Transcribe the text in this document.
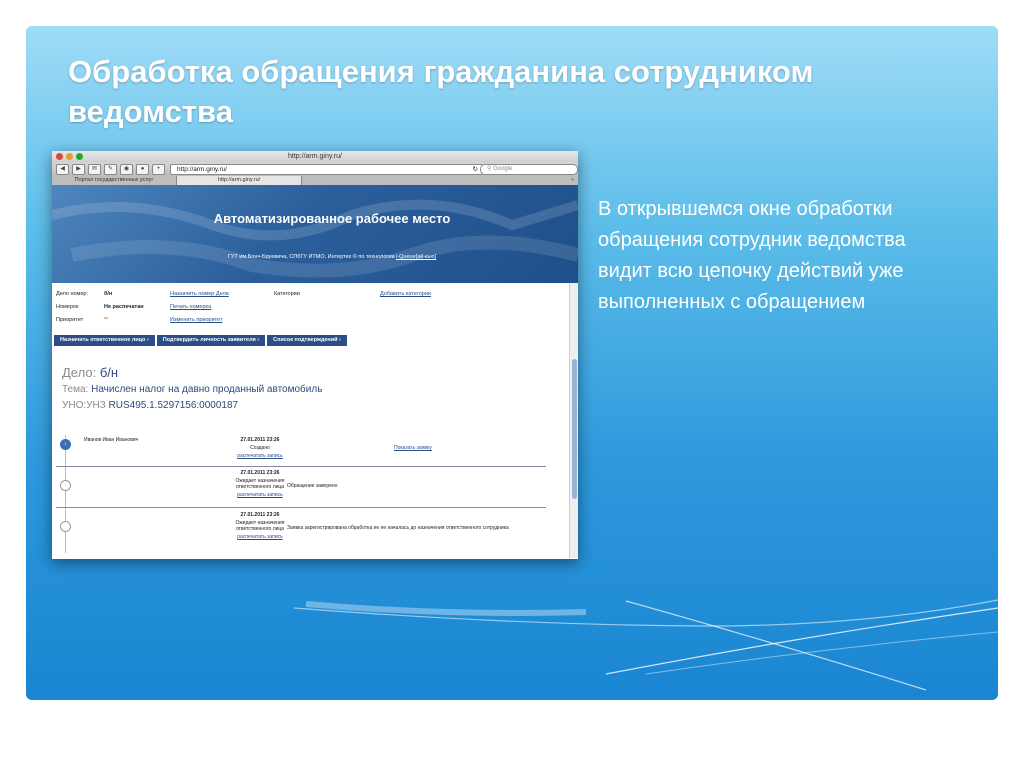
Обработка обращения гражданина сотрудником ведомства
http://arm.giny.ru/
◀	▶	✉	✎	◉	●	+	http://arm.giny.ru/	↻	⚲ Google
Портал государственных услуг	http://arm.giny.ru/	+
Автоматизированное рабочее место
ГУТ им.Бонч-Бруевича, СПбГУ ИТМО, Интертех © по технологии i-Queue[ай-кью]
Дело номер:	б/н	Назначить номер Дела	Категории	Добавить категории
Номерок	Не распечатан	Печать номерка
Приоритет	**	Изменить приоритет
Назначить ответственное лицо ›	Подтвердить личность заявителя ›	Список подтверждений ›
Дело: б/н
Тема: Начислен налог на давно проданный автомобиль
УНО:УНЗ RUS495.1.5297156:0000187
↓
Иванов Иван Иванович	27.01.2011 23:26
Создано
распечатать запись
Показать заявку
27.01.2011 23:26
Ожидает назначения ответственного лица
распечатать запись
Обращение заверено
27.01.2011 23:26
Ожидает назначения ответственного лица
распечатать запись
Заявка зарегистрирована обработка ее не началась до назначения ответственного сотрудника
В открывшемся окне обработки обращения сотрудник ведомства видит всю цепочку действий уже выполненных с обращением
